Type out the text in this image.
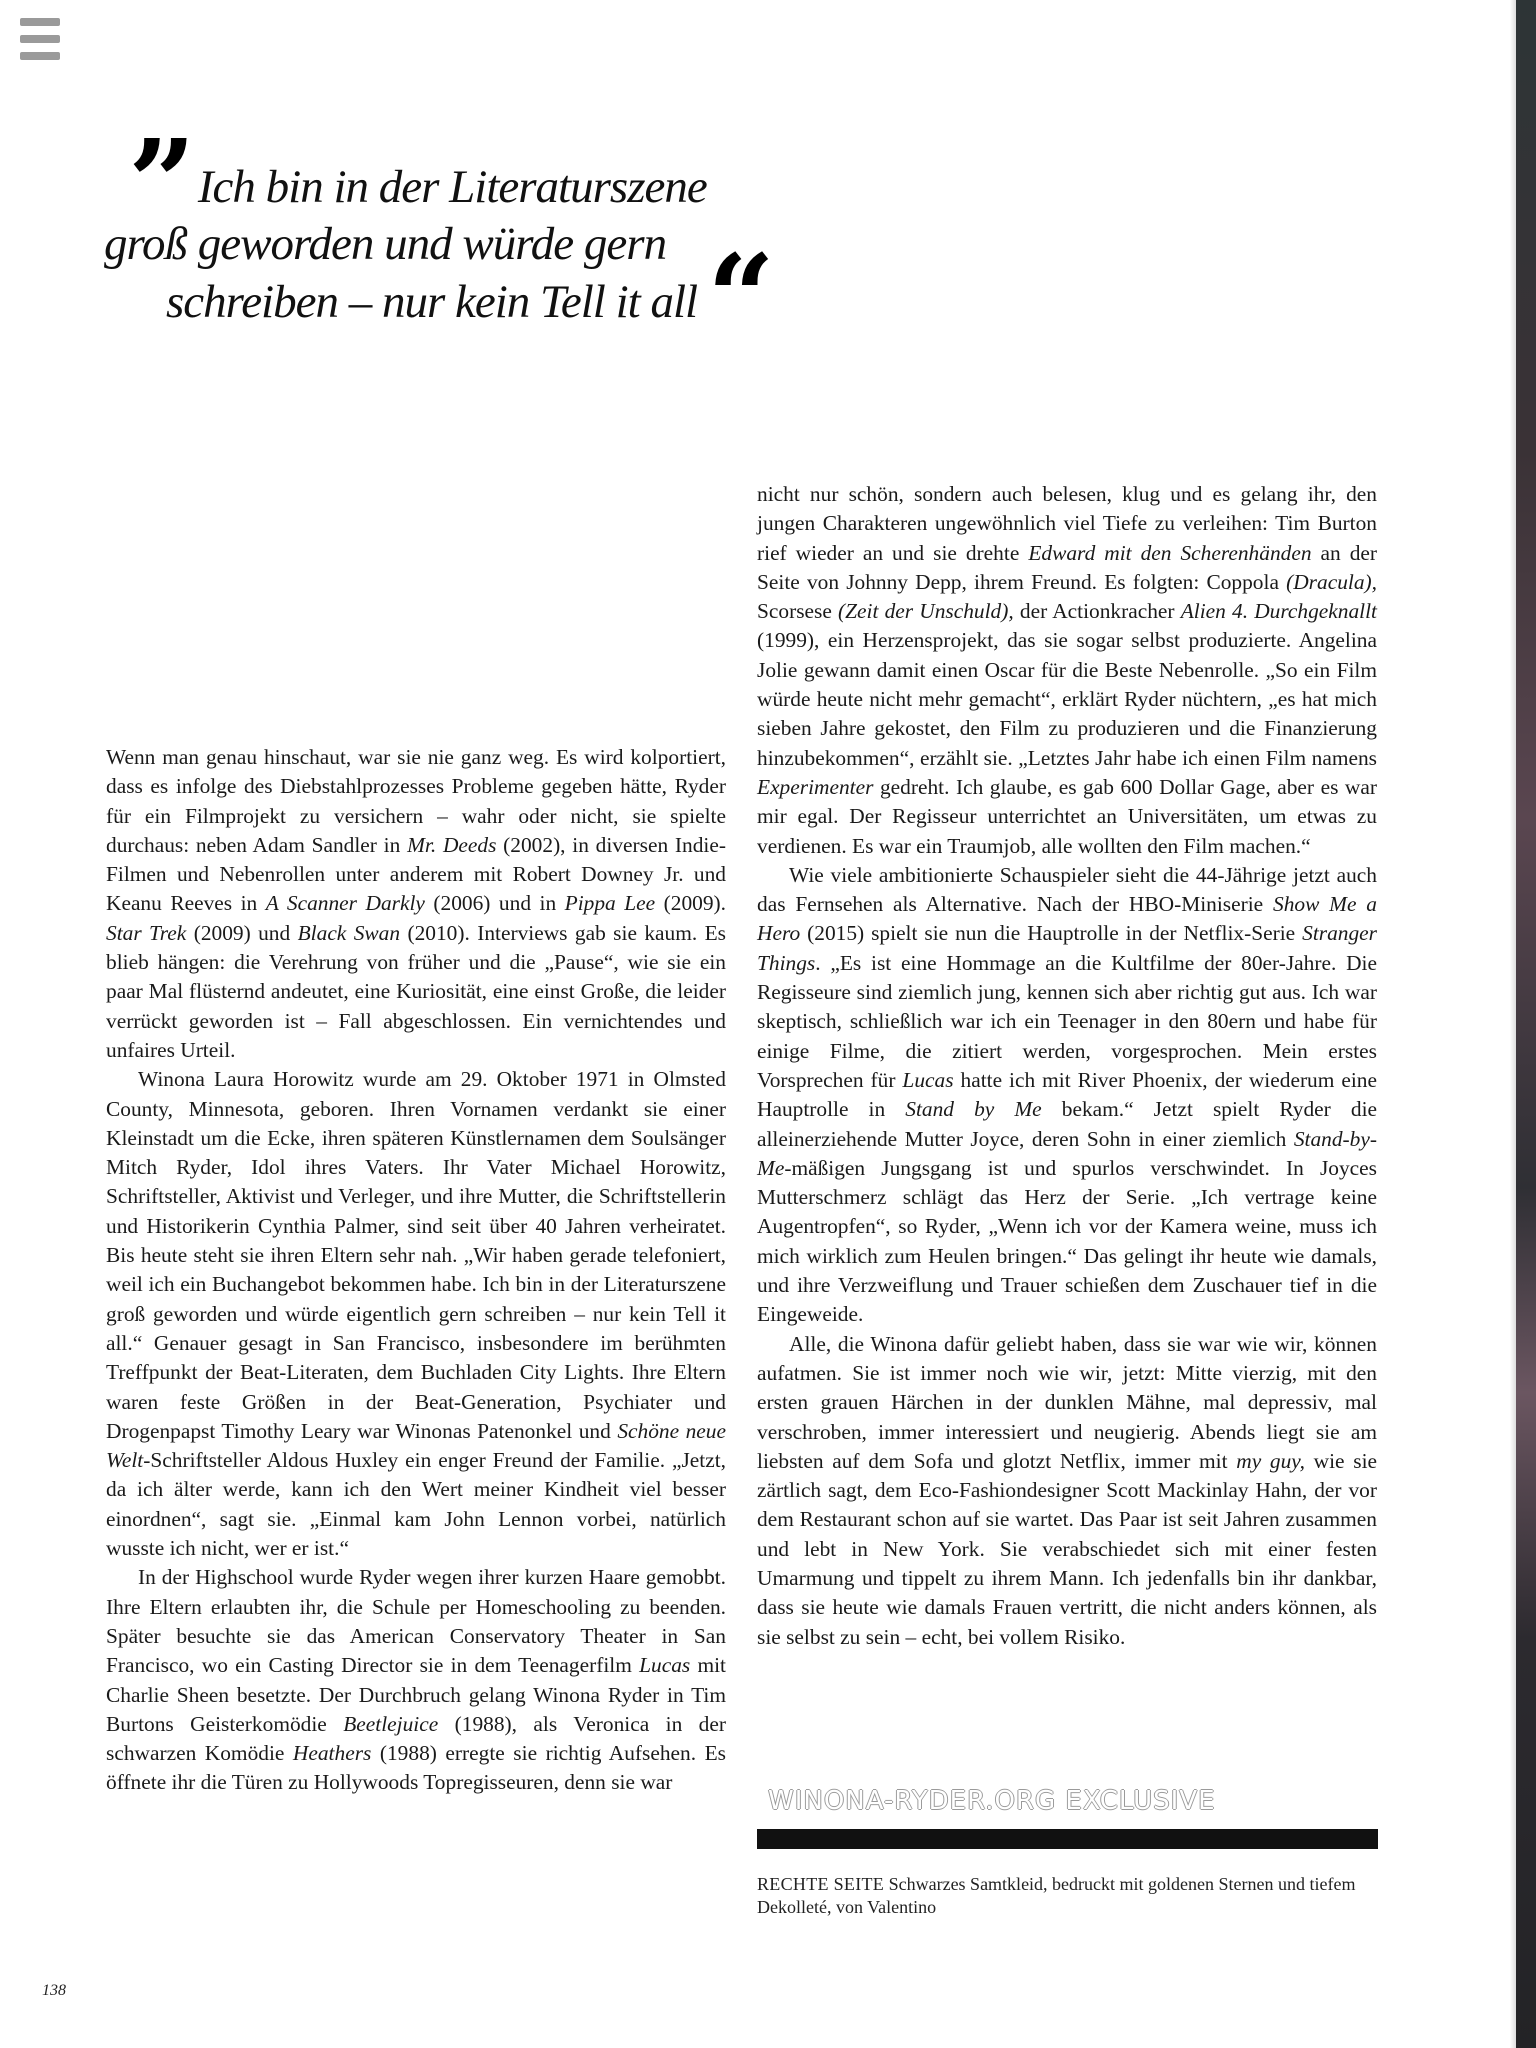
” Ich bin in der Literaturszene
groß geworden und würde gern
schreiben – nur kein Tell it all“

Wenn man genau hinschaut, war sie nie ganz weg. Es wird kolportiert, dass es infolge des Diebstahlprozesses Probleme gegeben hätte, Ryder für ein Filmprojekt zu versichern – wahr oder nicht, sie spielte durchaus: neben Adam Sandler in Mr. Deeds (2002), in diversen Indie-Filmen und Nebenrollen unter anderem mit Robert Downey Jr. und Keanu Reeves in A Scanner Darkly (2006) und in Pippa Lee (2009). Star Trek (2009) und Black Swan (2010). Interviews gab sie kaum. Es blieb hängen: die Verehrung von früher und die „Pause“, wie sie ein paar Mal flüsternd andeutet, eine Kuriosität, eine einst Große, die leider verrückt geworden ist – Fall abgeschlossen. Ein vernichtendes und unfaires Urteil.

Winona Laura Horowitz wurde am 29. Oktober 1971 in Olmsted County, Minnesota, geboren. Ihren Vornamen verdankt sie einer Kleinstadt um die Ecke, ihren späteren Künstlernamen dem Soulsänger Mitch Ryder, Idol ihres Vaters. Ihr Vater Michael Horowitz, Schriftsteller, Aktivist und Verleger, und ihre Mutter, die Schriftstellerin und Historikerin Cynthia Palmer, sind seit über 40 Jahren verheiratet. Bis heute steht sie ihren Eltern sehr nah. „Wir haben gerade telefoniert, weil ich ein Buchangebot bekommen habe. Ich bin in der Literaturszene groß geworden und würde eigentlich gern schreiben – nur kein Tell it all.“ Genauer gesagt in San Francisco, insbesondere im berühmten Treffpunkt der Beat-Literaten, dem Buchladen City Lights. Ihre Eltern waren feste Größen in der Beat-Generation, Psychiater und Drogenpapst Timothy Leary war Winonas Patenonkel und Schöne neue Welt-Schriftsteller Aldous Huxley ein enger Freund der Familie. „Jetzt, da ich älter werde, kann ich den Wert meiner Kindheit viel besser einordnen“, sagt sie. „Einmal kam John Lennon vorbei, natürlich wusste ich nicht, wer er ist.“

In der Highschool wurde Ryder wegen ihrer kurzen Haare gemobbt. Ihre Eltern erlaubten ihr, die Schule per Homeschooling zu beenden. Später besuchte sie das American Conservatory Theater in San Francisco, wo ein Casting Director sie in dem Teenagerfilm Lucas mit Charlie Sheen besetzte. Der Durchbruch gelang Winona Ryder in Tim Burtons Geisterkomödie Beetlejuice (1988), als Veronica in der schwarzen Komödie Heathers (1988) erregte sie richtig Aufsehen. Es öffnete ihr die Türen zu Hollywoods Topregisseuren, denn sie war

nicht nur schön, sondern auch belesen, klug und es gelang ihr, den jungen Charakteren ungewöhnlich viel Tiefe zu verleihen: Tim Burton rief wieder an und sie drehte Edward mit den Scherenhänden an der Seite von Johnny Depp, ihrem Freund. Es folgten: Coppola (Dracula), Scorsese (Zeit der Unschuld), der Actionkracher Alien 4. Durchgeknallt (1999), ein Herzensprojekt, das sie sogar selbst produzierte. Angelina Jolie gewann damit einen Oscar für die Beste Nebenrolle. „So ein Film würde heute nicht mehr gemacht“, erklärt Ryder nüchtern, „es hat mich sieben Jahre gekostet, den Film zu produzieren und die Finanzierung hinzubekommen“, erzählt sie. „Letztes Jahr habe ich einen Film namens Experimenter gedreht. Ich glaube, es gab 600 Dollar Gage, aber es war mir egal. Der Regisseur unterrichtet an Universitäten, um etwas zu verdienen. Es war ein Traumjob, alle wollten den Film machen.“

Wie viele ambitionierte Schauspieler sieht die 44-Jährige jetzt auch das Fernsehen als Alternative. Nach der HBO-Miniserie Show Me a Hero (2015) spielt sie nun die Hauptrolle in der Netflix-Serie Stranger Things. „Es ist eine Hommage an die Kultfilme der 80er-Jahre. Die Regisseure sind ziemlich jung, kennen sich aber richtig gut aus. Ich war skeptisch, schließlich war ich ein Teenager in den 80ern und habe für einige Filme, die zitiert werden, vorgesprochen. Mein erstes Vorsprechen für Lucas hatte ich mit River Phoenix, der wiederum eine Hauptrolle in Stand by Me bekam.“ Jetzt spielt Ryder die alleinerziehende Mutter Joyce, deren Sohn in einer ziemlich Stand-by-Me-mäßigen Jungsgang ist und spurlos verschwindet. In Joyces Mutterschmerz schlägt das Herz der Serie. „Ich vertrage keine Augentropfen“, so Ryder, „Wenn ich vor der Kamera weine, muss ich mich wirklich zum Heulen bringen.“ Das gelingt ihr heute wie damals, und ihre Verzweiflung und Trauer schießen dem Zuschauer tief in die Eingeweide.

Alle, die Winona dafür geliebt haben, dass sie war wie wir, können aufatmen. Sie ist immer noch wie wir, jetzt: Mitte vierzig, mit den ersten grauen Härchen in der dunklen Mähne, mal depressiv, mal verschroben, immer interessiert und neugierig. Abends liegt sie am liebsten auf dem Sofa und glotzt Netflix, immer mit my guy, wie sie zärtlich sagt, dem Eco-Fashiondesigner Scott Mackinlay Hahn, der vor dem Restaurant schon auf sie wartet. Das Paar ist seit Jahren zusammen und lebt in New York. Sie verabschiedet sich mit einer festen Umarmung und tippelt zu ihrem Mann. Ich jedenfalls bin ihr dankbar, dass sie heute wie damals Frauen vertritt, die nicht anders können, als sie selbst zu sein – echt, bei vollem Risiko.

WINONA-RYDER.ORG EXCLUSIVE
RECHTE SEITE Schwarzes Samtkleid, bedruckt mit goldenen Sternen und tiefem Dekolleté, von Valentino
138
